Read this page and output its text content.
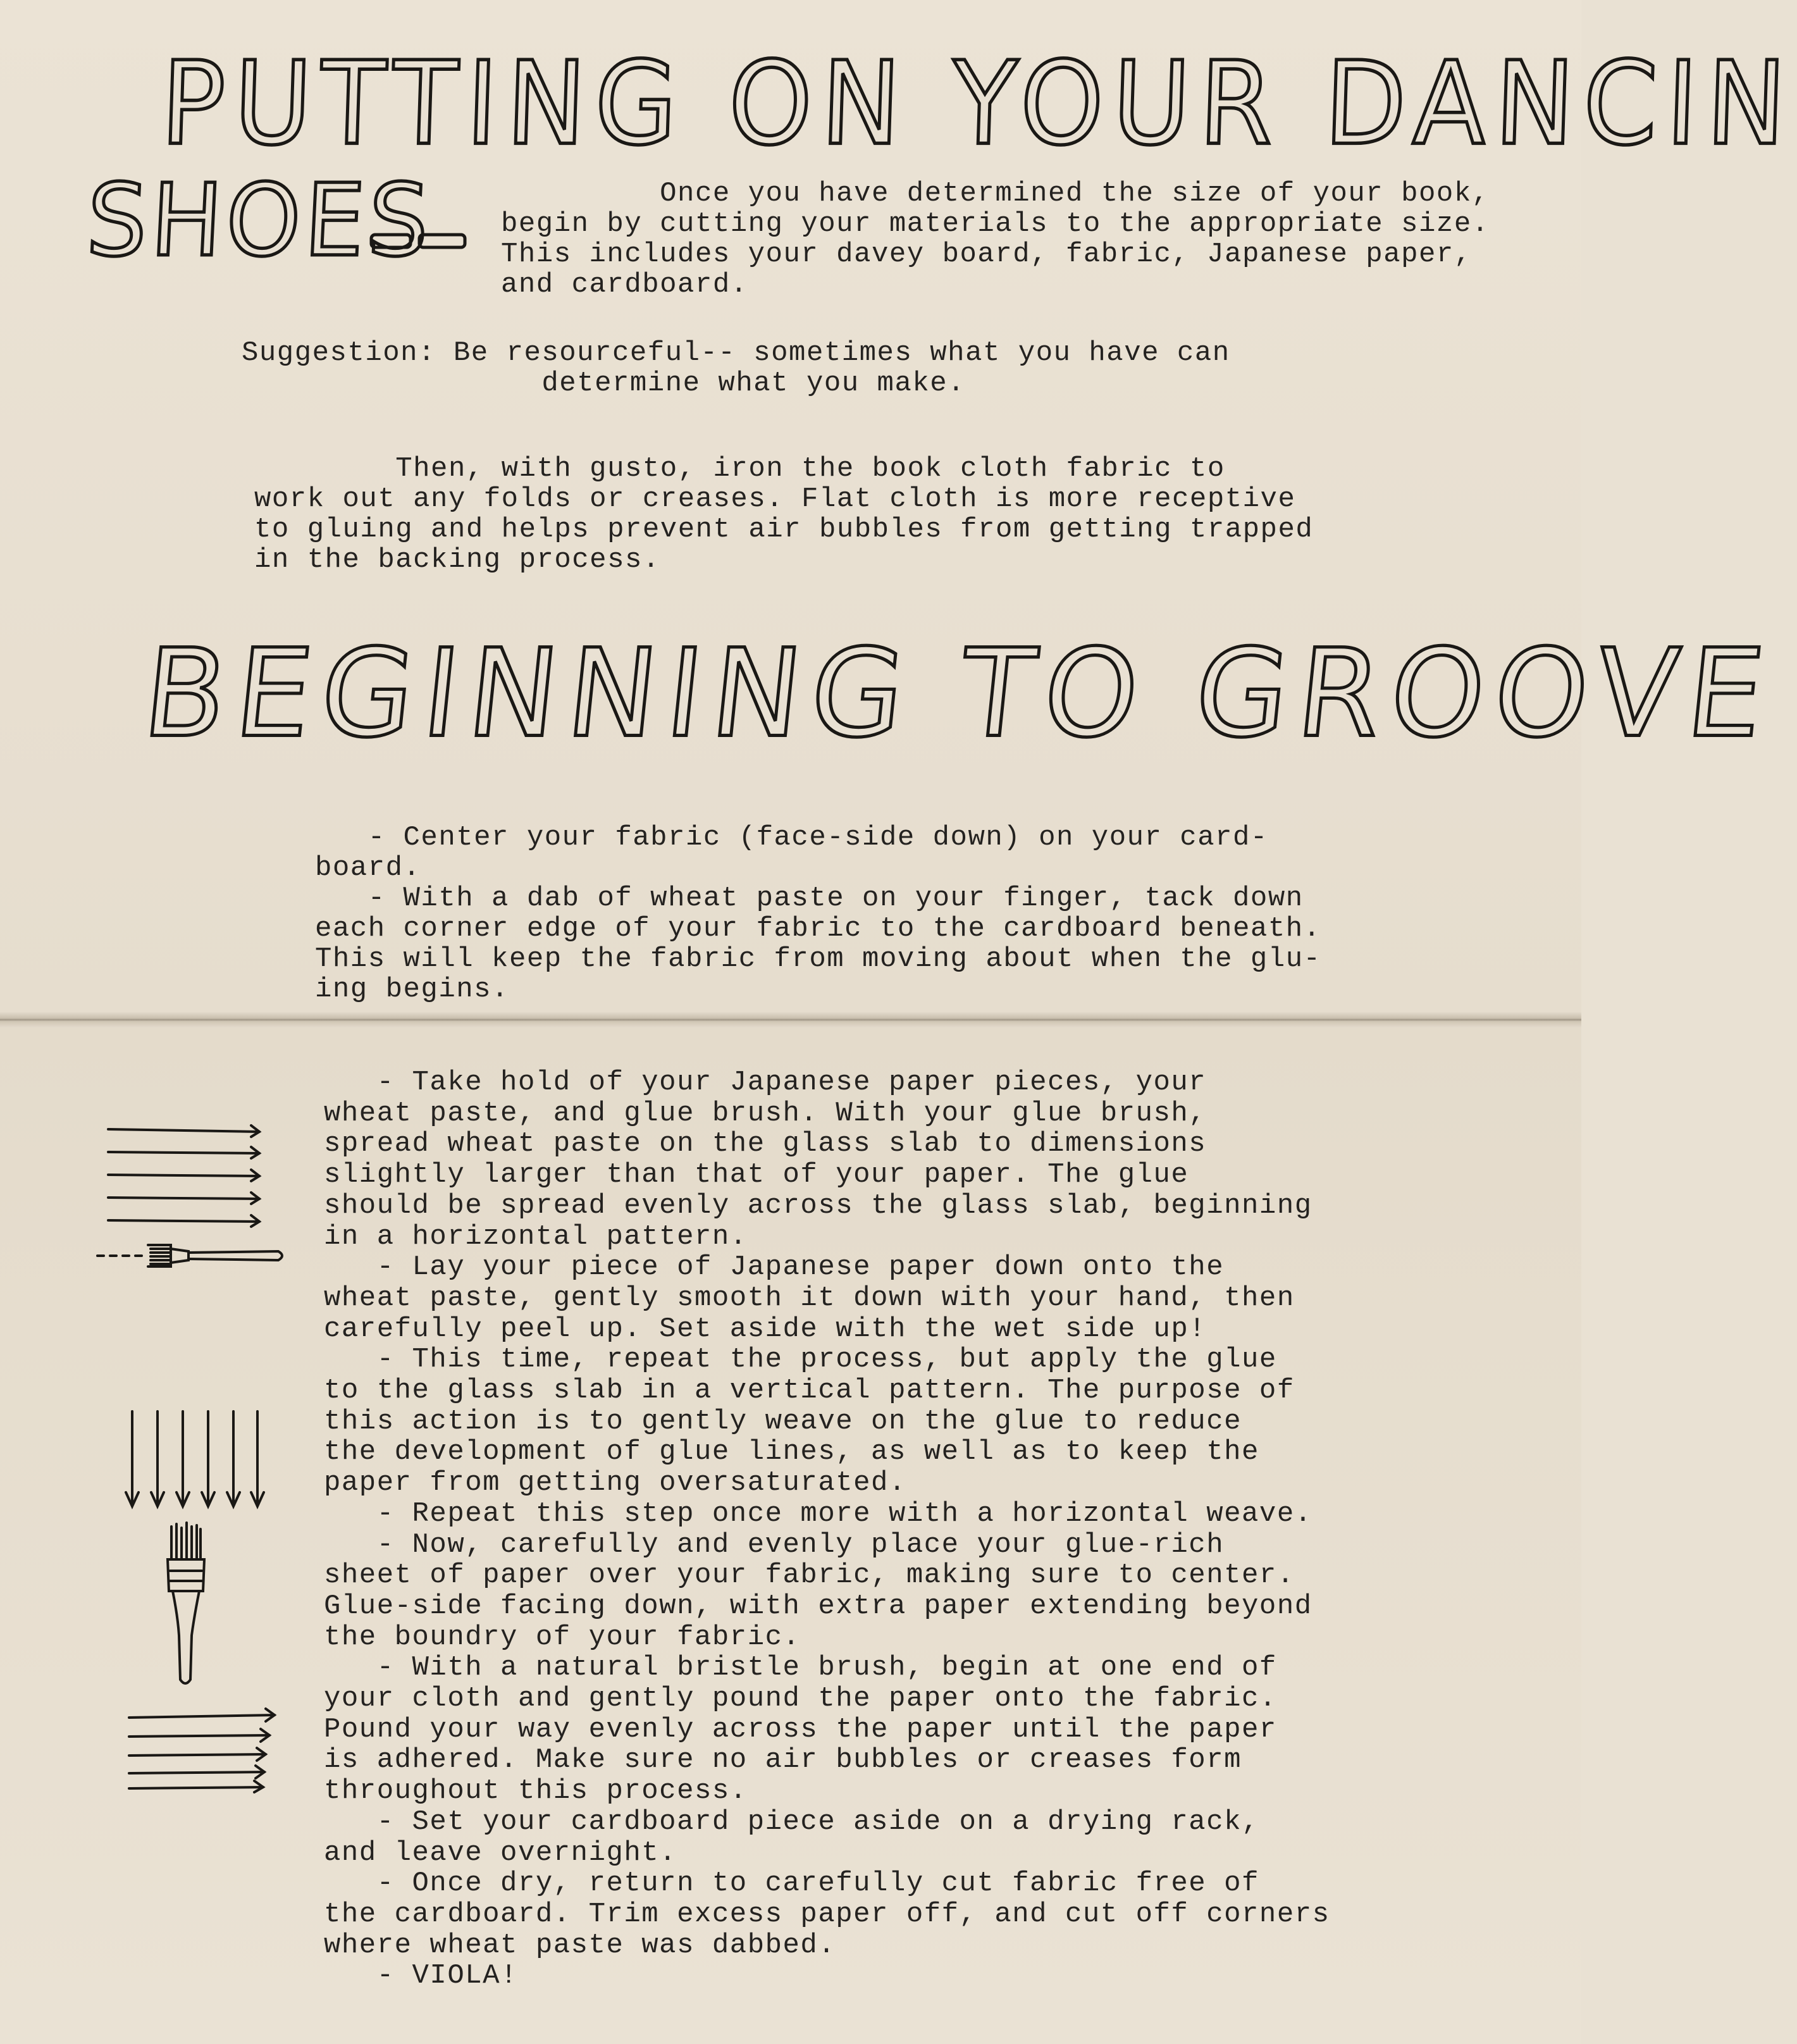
PUTTING ON YOUR DANCIN
SHOES Once you have determined the size of your book,
begin by cutting your materials to the appropriate size.
This includes your davey board, fabric, Japanese paper,
and cardboard.
Suggestion: Be resourceful-- sometimes what you have can
determine what you make.
Then, with gusto, iron the book cloth fabric to
work out any folds or creases. Flat cloth is more receptive
to gluing and helps prevent air bubbles from getting trapped
in the backing process.
BEGINNING TO GROOVE
- Center your fabric (face-side down) on your card-
board.
- With a dab of wheat paste on your finger, tack down
each corner edge of your fabric to the cardboard beneath.
This will keep the fabric from moving about when the glu-
ing begins.
- Take hold of your Japanese paper pieces, your
wheat paste, and glue brush. With your glue brush,
spread wheat paste on the glass slab to dimensions
slightly larger than that of your paper. The glue
should be spread evenly across the glass slab, beginning
in a horizontal pattern.
- Lay your piece of Japanese paper down onto the
wheat paste, gently smooth it down with your hand, then
carefully peel up. Set aside with the wet side up!
- This time, repeat the process, but apply the glue
to the glass slab in a vertical pattern. The purpose of
this action is to gently weave on the glue to reduce
the development of glue lines, as well as to keep the
paper from getting oversaturated.
- Repeat this step once more with a horizontal weave.
- Now, carefully and evenly place your glue-rich
sheet of paper over your fabric, making sure to center.
Glue-side facing down, with extra paper extending beyond
the boundry of your fabric.
- With a natural bristle brush, begin at one end of
your cloth and gently pound the paper onto the fabric.
Pound your way evenly across the paper until the paper
is adhered. Make sure no air bubbles or creases form
throughout this process.
- Set your cardboard piece aside on a drying rack,
and leave overnight.
- Once dry, return to carefully cut fabric free of
the cardboard. Trim excess paper off, and cut off corners
where wheat paste was dabbed.
- VIOLA!
